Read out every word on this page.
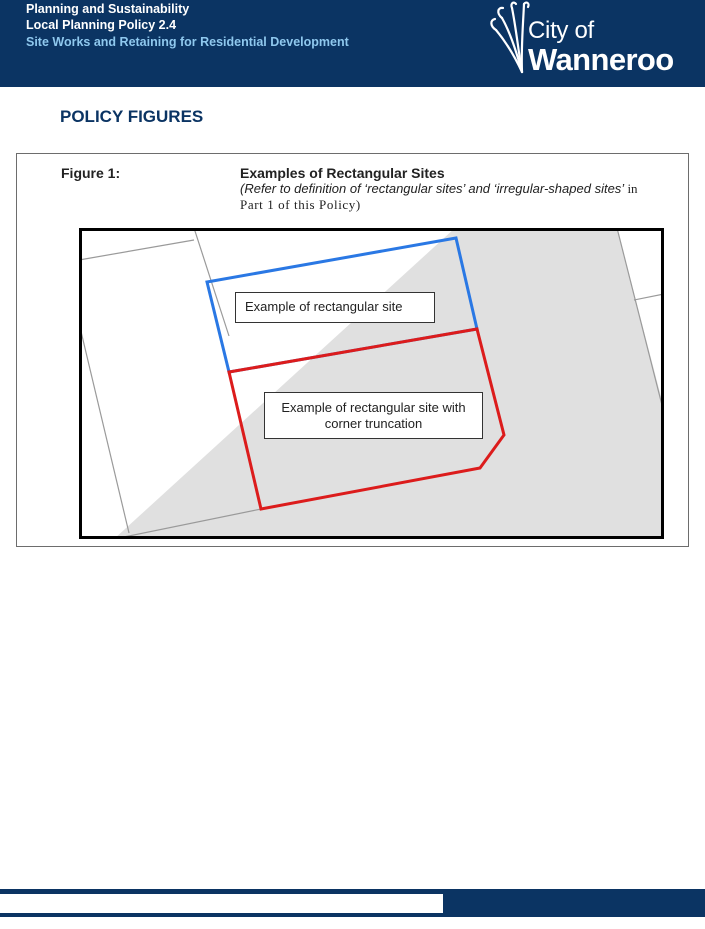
Planning and Sustainability

Local Planning Policy 2.4

Site Works and Retaining for Residential Development	City of
Wanneroo
POLICY FIGURES
Figure 1:	Examples of Rectangular Sites
(Refer to definition of ‘rectangular sites’ and ‘irregular-shaped sites’ in
Part 1 of this Policy)
Example of rectangular site
Example of rectangular site with corner truncation
